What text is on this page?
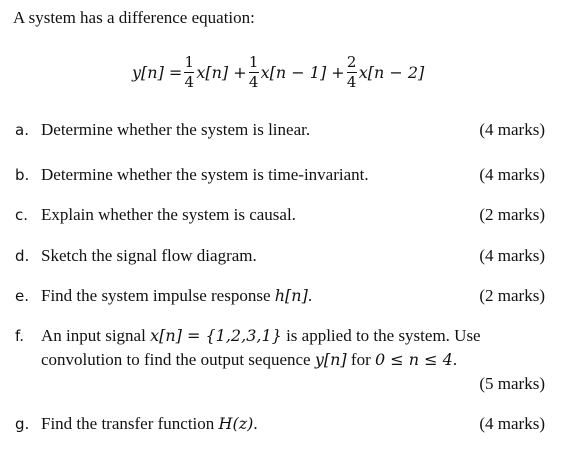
A system has a difference equation:
$y[n] = \frac{1}{4} x[n] + \frac{1}{4} x[n - 1] + \frac{2}{4} x[n - 2]$
a. Determine whether the system is linear.	(4 marks)
b. Determine whether the system is time-invariant.	(4 marks)
c. Explain whether the system is causal.	(2 marks)
d. Sketch the signal flow diagram.	(4 marks)
e. Find the system impulse response h[n].	(2 marks)
f.	An input signal x[n] = {1,2,3,1} is applied to the system. Use
convolution to find the output sequence y[n] for 0 ≤ n ≤ 4.
(5 marks)
g. Find the transfer function H(z).	(4 marks)
